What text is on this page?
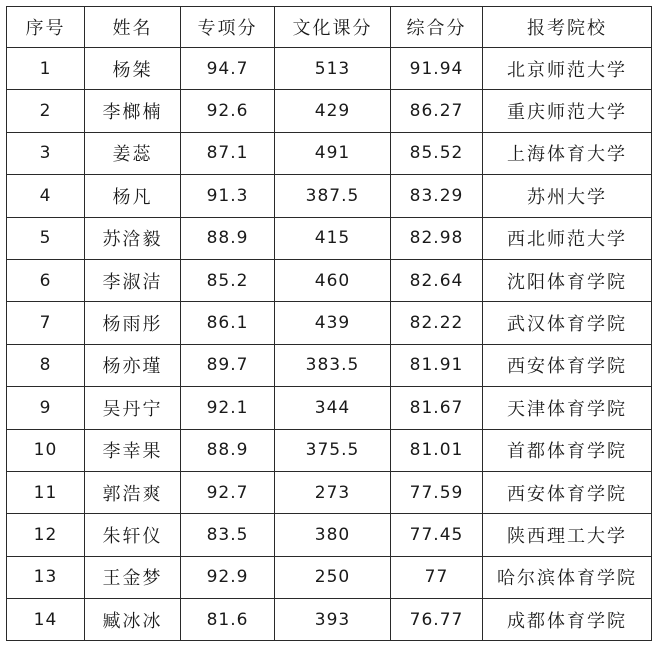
序号	姓名	专项分	文化课分	综合分	报考院校
1	杨桀	94.7	513	91.94	北京师范大学
2	李榔楠	92.6	429	86.27	重庆师范大学
3	姜蕊	87.1	491	85.52	上海体育大学
4	杨凡	91.3	387.5	83.29	苏州大学
5	苏浛毅	88.9	415	82.98	西北师范大学
6	李淑洁	85.2	460	82.64	沈阳体育学院
7	杨雨彤	86.1	439	82.22	武汉体育学院
8	杨亦瑾	89.7	383.5	81.91	西安体育学院
9	吴丹宁	92.1	344	81.67	天津体育学院
10	李幸果	88.9	375.5	81.01	首都体育学院
11	郭浩爽	92.7	273	77.59	西安体育学院
12	朱轩仪	83.5	380	77.45	陕西理工大学
13	王金梦	92.9	250	77	哈尔滨体育学院
14	臧冰冰	81.6	393	76.77	成都体育学院
